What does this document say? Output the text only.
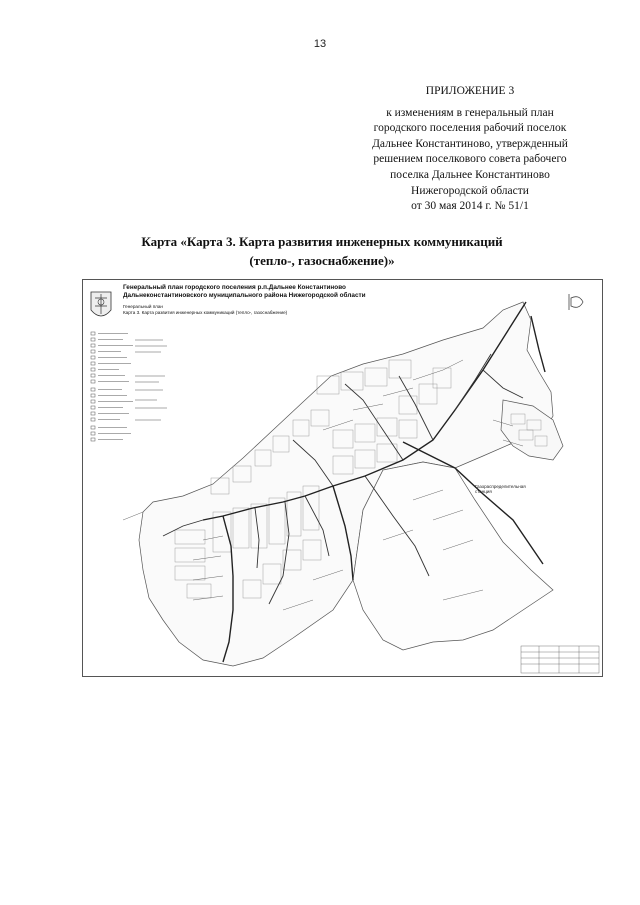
13
ПРИЛОЖЕНИЕ 3
к изменениям в генеральный план
городского поселения рабочий поселок
Дальнее Константиново, утвержденный
решением поселкового совета рабочего
поселка Дальнее Константиново
Нижегородской области
от 30 мая 2014 г. № 51/1
Карта «Карта 3. Карта развития инженерных коммуникаций
(тепло-, газоснабжение)»
Генеральный план городского поселения р.п.Дальнее Константиново
Дальнеконстантиновского муниципального района Нижегородской области
Генеральный план
Карта 3. Карта развития инженерных коммуникаций (тепло-, газоснабжение)
Газораспределительная
станция
